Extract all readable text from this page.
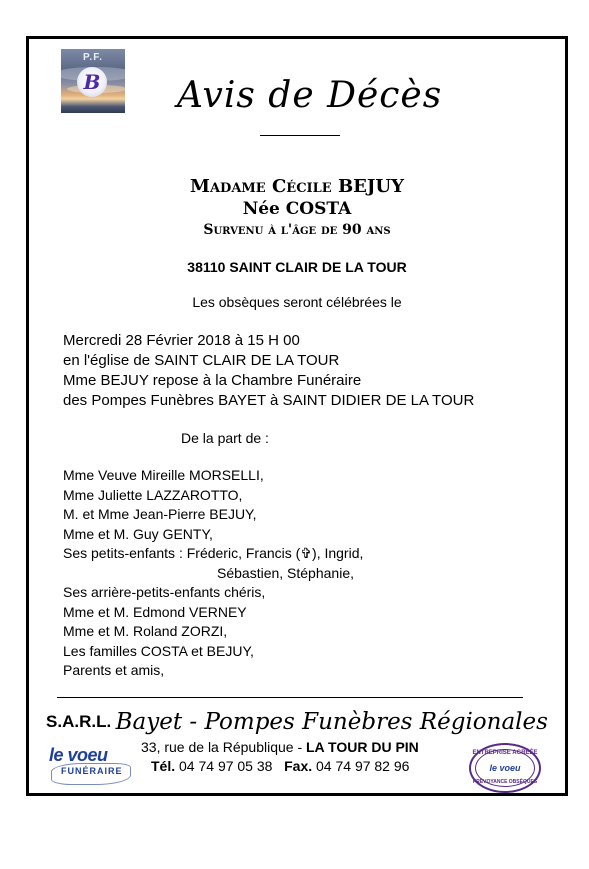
P.F.
B Avis de Décès
Madame Cécile BEJUY
Née COSTA
Survenu à l'âge de 90 ans
38110 SAINT CLAIR DE LA TOUR
Les obsèques seront célébrées le
Mercredi 28 Février 2018 à 15 H 00
en l'église de SAINT CLAIR DE LA TOUR
Mme BEJUY repose à la Chambre Funéraire
des Pompes Funèbres BAYET à SAINT DIDIER DE LA TOUR
De la part de :
Mme Veuve Mireille MORSELLI,
Mme Juliette LAZZAROTTO,
M. et Mme Jean-Pierre BEJUY,
Mme et M. Guy GENTY,
Ses petits-enfants : Fréderic, Francis (✞), Ingrid,
Sébastien, Stéphanie,
Ses arrière-petits-enfants chéris,
Mme et M. Edmond VERNEY
Mme et M. Roland ZORZI,
Les familles COSTA et BEJUY,
Parents et amis,
S.A.R.L. Bayet - Pompes Funèbres Régionales
33, rue de la République - LA TOUR DU PIN
Tél. 04 74 97 05 38   Fax. 04 74 97 82 96
le voeu
FUNÉRAIRE
ENTREPRISE AGRÉÉE
le voeu
PRÉVOYANCE OBSÈQUES
